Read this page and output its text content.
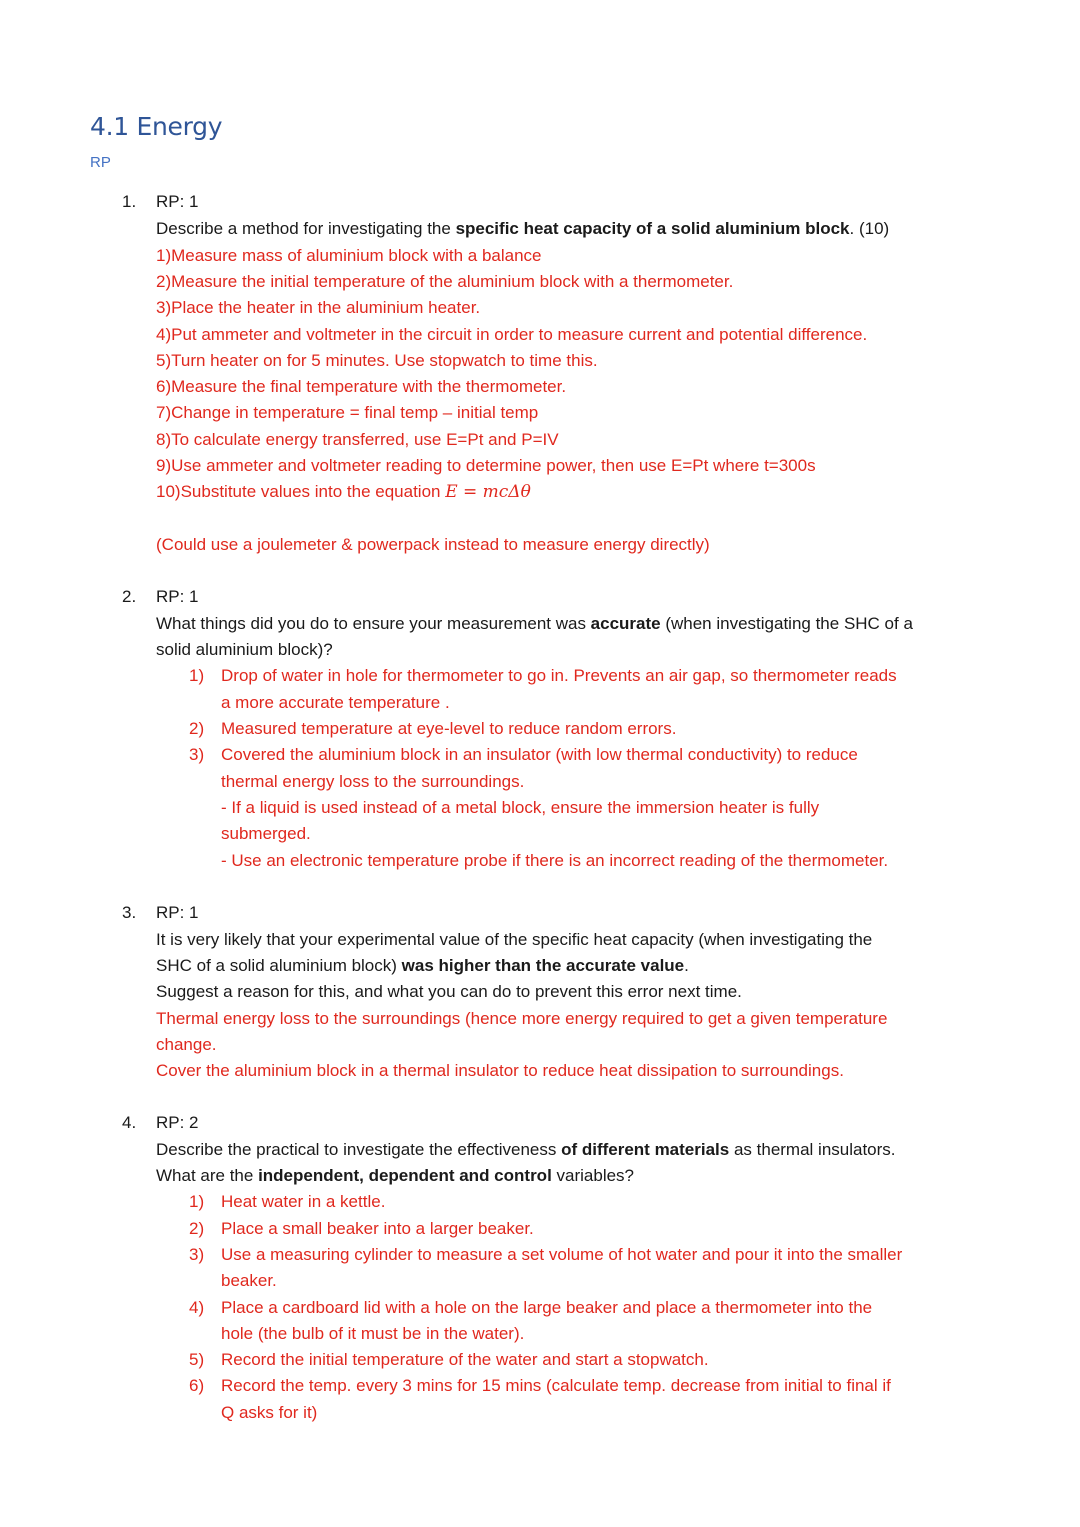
4.1 Energy
RP
1. RP: 1
Describe a method for investigating the specific heat capacity of a solid aluminium block. (10)
1)Measure mass of aluminium block with a balance
2)Measure the initial temperature of the aluminium block with a thermometer.
3)Place the heater in the aluminium heater.
4)Put ammeter and voltmeter in the circuit in order to measure current and potential difference.
5)Turn heater on for 5 minutes. Use stopwatch to time this.
6)Measure the final temperature with the thermometer.
7)Change in temperature = final temp – initial temp
8)To calculate energy transferred, use E=Pt and P=IV
9)Use ammeter and voltmeter reading to determine power, then use E=Pt where t=300s
10)Substitute values into the equation E = mcΔθ
(Could use a joulemeter & powerpack instead to measure energy directly)
2. RP: 1
What things did you do to ensure your measurement was accurate (when investigating the SHC of a
solid aluminium block)?
1) Drop of water in hole for thermometer to go in. Prevents an air gap, so thermometer reads
a more accurate temperature .
2) Measured temperature at eye-level to reduce random errors.
3) Covered the aluminium block in an insulator (with low thermal conductivity) to reduce
thermal energy loss to the surroundings.
- If a liquid is used instead of a metal block, ensure the immersion heater is fully
submerged.
- Use an electronic temperature probe if there is an incorrect reading of the thermometer.
3. RP: 1
It is very likely that your experimental value of the specific heat capacity (when investigating the
SHC of a solid aluminium block) was higher than the accurate value.
Suggest a reason for this, and what you can do to prevent this error next time.
Thermal energy loss to the surroundings (hence more energy required to get a given temperature
change.
Cover the aluminium block in a thermal insulator to reduce heat dissipation to surroundings.
4. RP: 2
Describe the practical to investigate the effectiveness of different materials as thermal insulators.
What are the independent, dependent and control variables?
1) Heat water in a kettle.
2) Place a small beaker into a larger beaker.
3) Use a measuring cylinder to measure a set volume of hot water and pour it into the smaller
beaker.
4) Place a cardboard lid with a hole on the large beaker and place a thermometer into the
hole (the bulb of it must be in the water).
5) Record the initial temperature of the water and start a stopwatch.
6) Record the temp. every 3 mins for 15 mins (calculate temp. decrease from initial to final if
Q asks for it)
